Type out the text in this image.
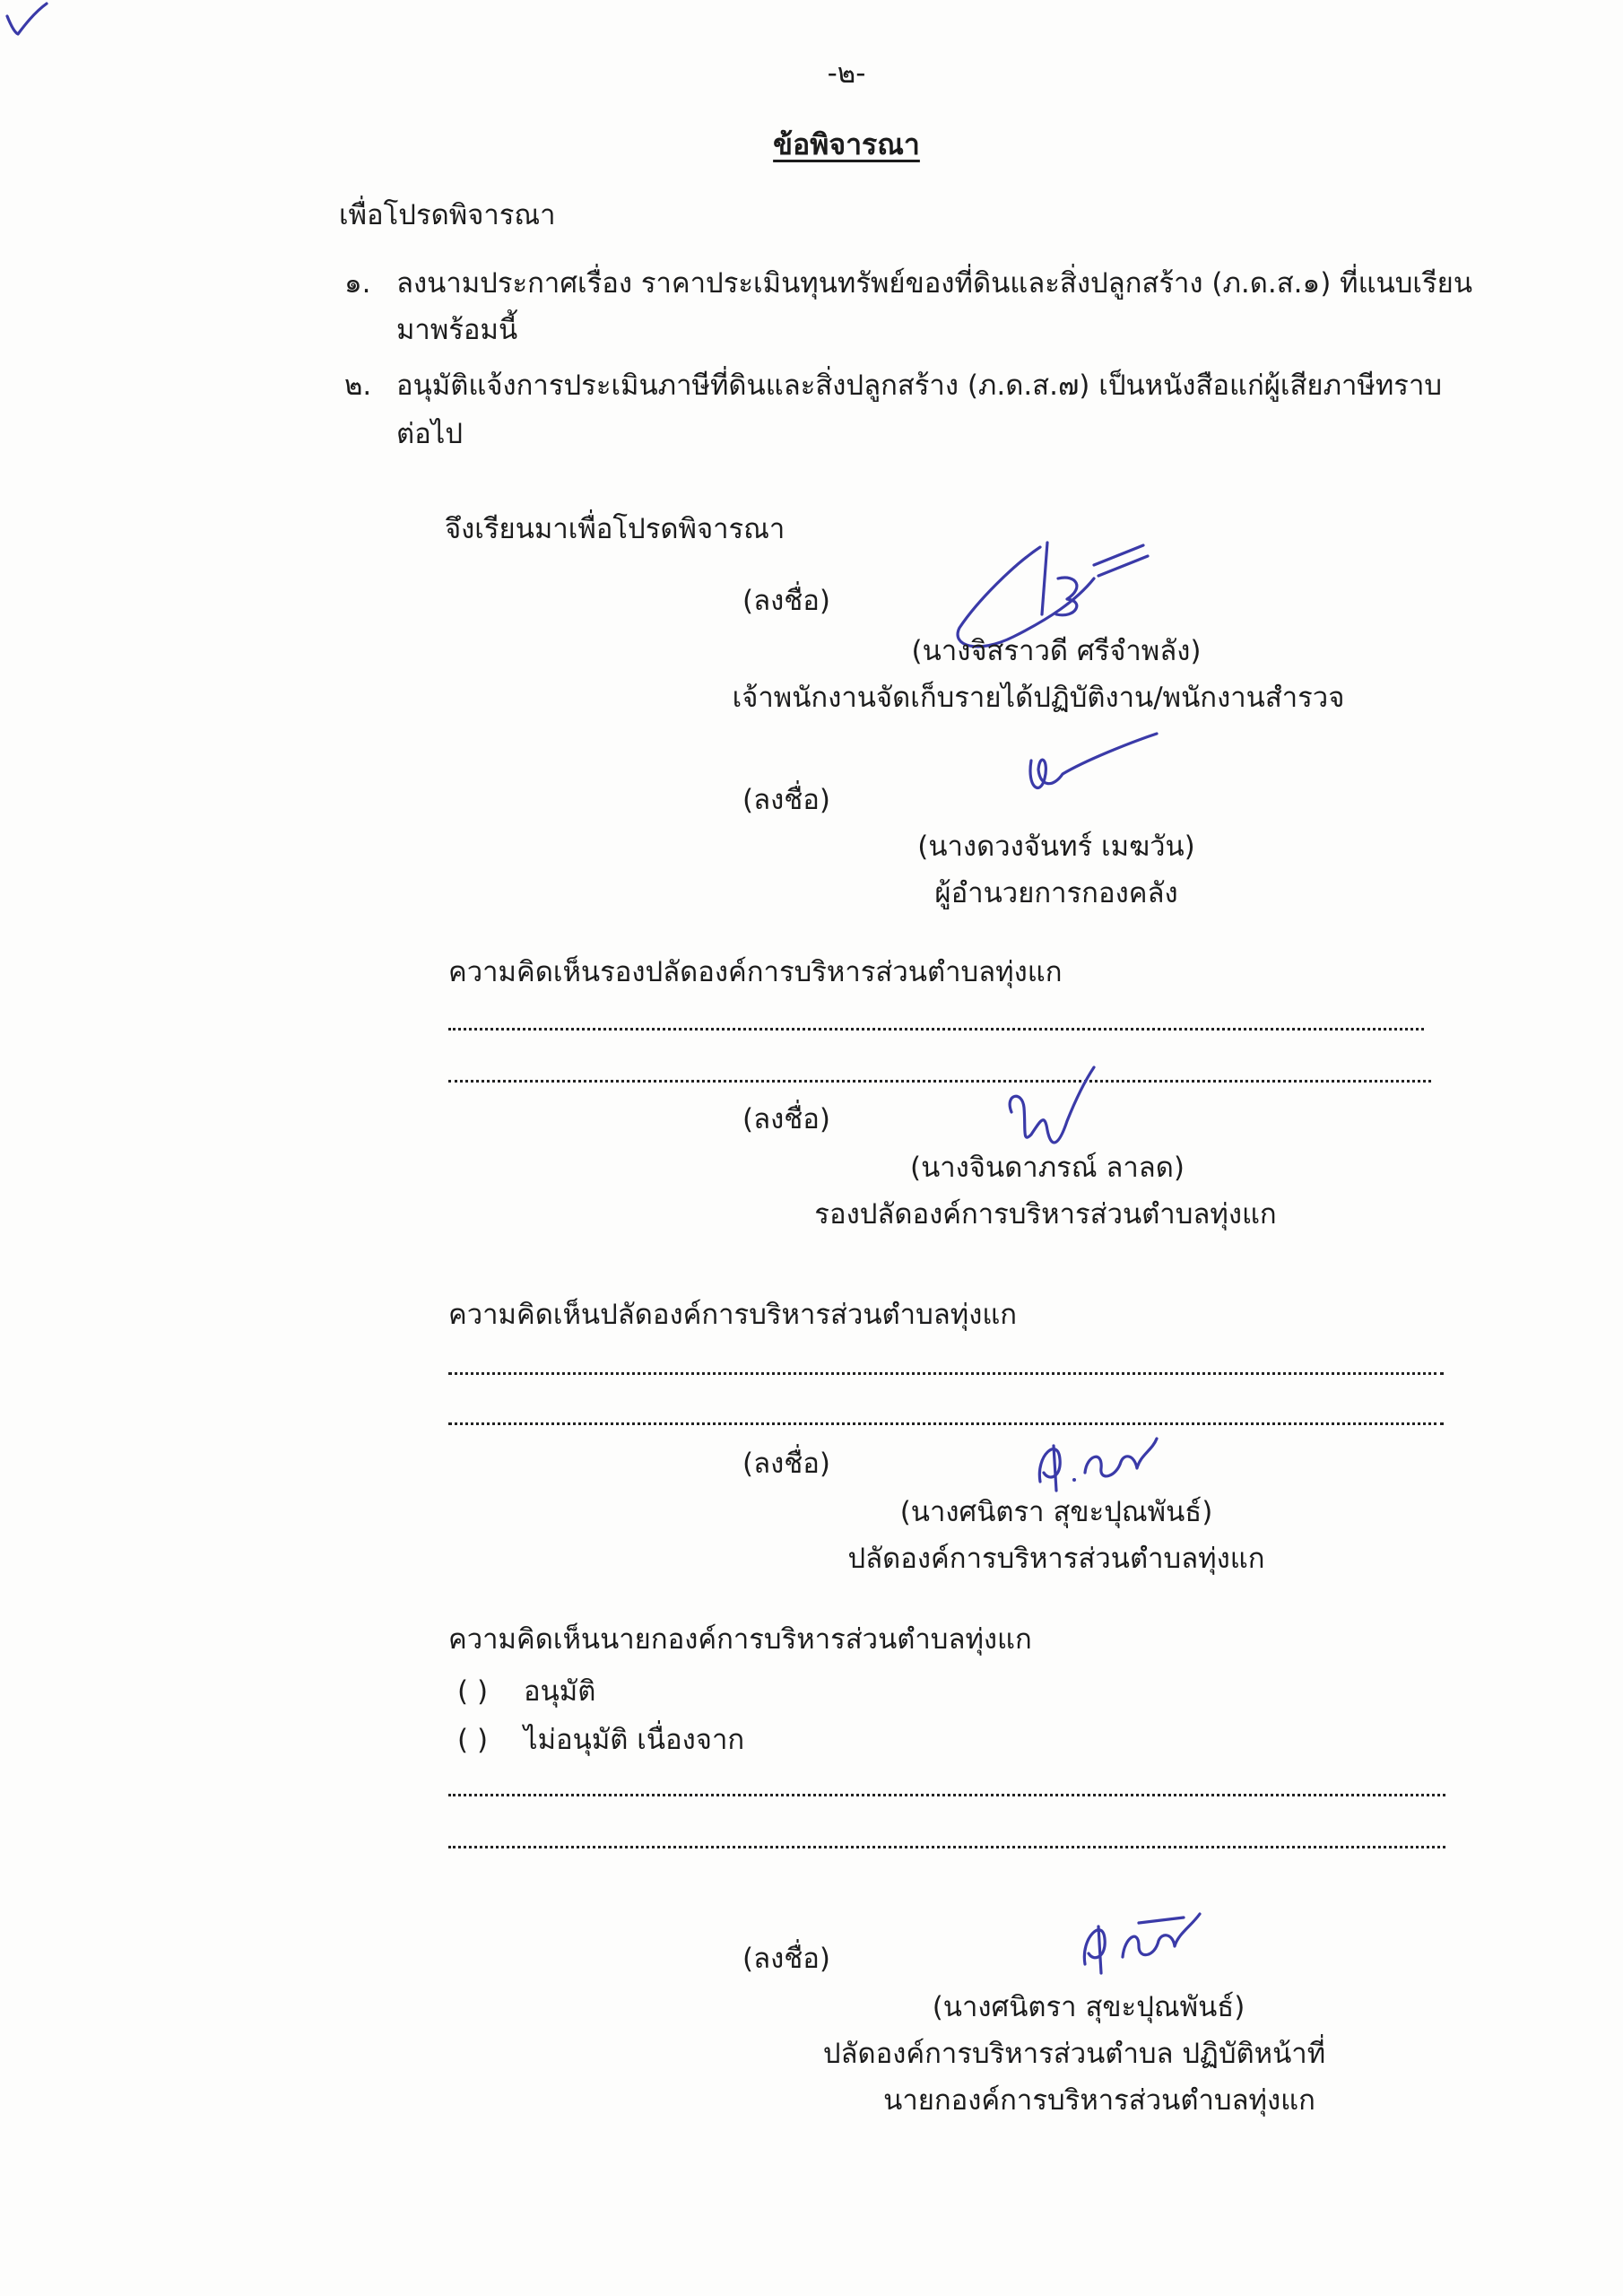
-๒-
ข้อพิจารณา
เพื่อโปรดพิจารณา
๑. ลงนามประกาศเรื่อง ราคาประเมินทุนทรัพย์ของที่ดินและสิ่งปลูกสร้าง (ภ.ด.ส.๑) ที่แนบเรียน
มาพร้อมนี้
๒. อนุมัติแจ้งการประเมินภาษีที่ดินและสิ่งปลูกสร้าง (ภ.ด.ส.๗) เป็นหนังสือแก่ผู้เสียภาษีทราบ
ต่อไป
จึงเรียนมาเพื่อโปรดพิจารณา
(ลงชื่อ)
(นางจิสราวดี ศรีจำพลัง)
เจ้าพนักงานจัดเก็บรายได้ปฏิบัติงาน/พนักงานสำรวจ
(ลงชื่อ)
(นางดวงจันทร์ เมฆวัน)
ผู้อำนวยการกองคลัง
ความคิดเห็นรองปลัดองค์การบริหารส่วนตำบลทุ่งแก
(ลงชื่อ)
(นางจินดาภรณ์ ลาลด)
รองปลัดองค์การบริหารส่วนตำบลทุ่งแก
ความคิดเห็นปลัดองค์การบริหารส่วนตำบลทุ่งแก
(ลงชื่อ)
(นางศนิตรา สุขะปุณพันธ์)
ปลัดองค์การบริหารส่วนตำบลทุ่งแก
ความคิดเห็นนายกองค์การบริหารส่วนตำบลทุ่งแก
( ) อนุมัติ
( ) ไม่อนุมัติ เนื่องจาก
(ลงชื่อ)
(นางศนิตรา สุขะปุณพันธ์)
ปลัดองค์การบริหารส่วนตำบล ปฏิบัติหน้าที่
นายกองค์การบริหารส่วนตำบลทุ่งแก
